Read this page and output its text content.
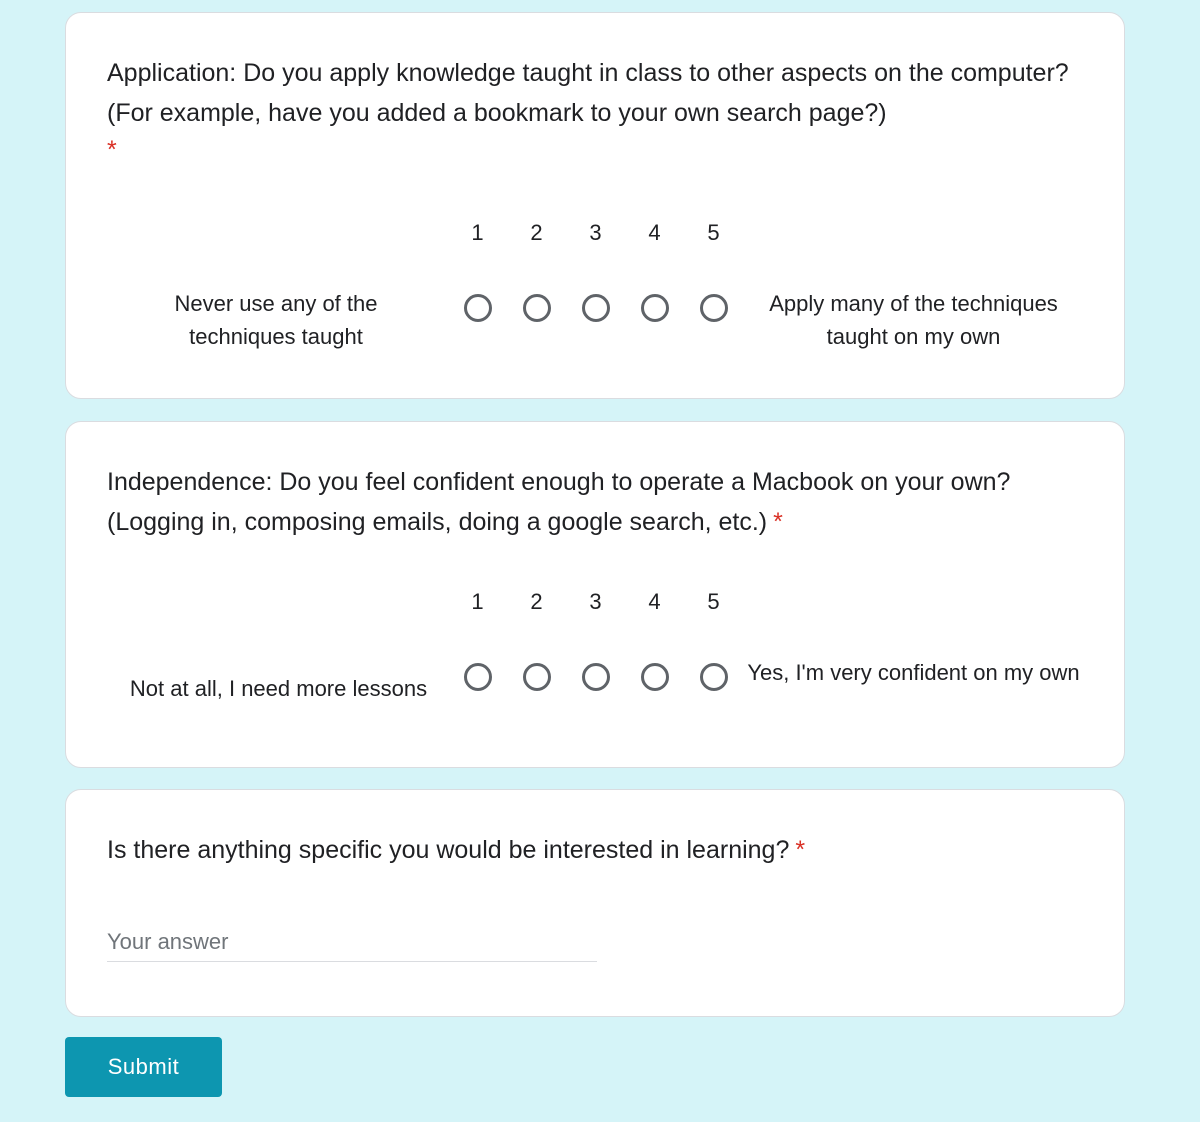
Application: Do you apply knowledge taught in class to other aspects on the computer? (For example, have you added a bookmark to your own search page?)
*
1	2	3	4	5
Never use any of the techniques taught
Apply many of the techniques taught on my own
Independence: Do you feel confident enough to operate a Macbook on your own? (Logging in, composing emails, doing a google search, etc.) *
1	2	3	4	5
Not at all, I need more lessons
Yes, I'm very confident on my own
Is there anything specific you would be interested in learning? *
Your answer
Submit
